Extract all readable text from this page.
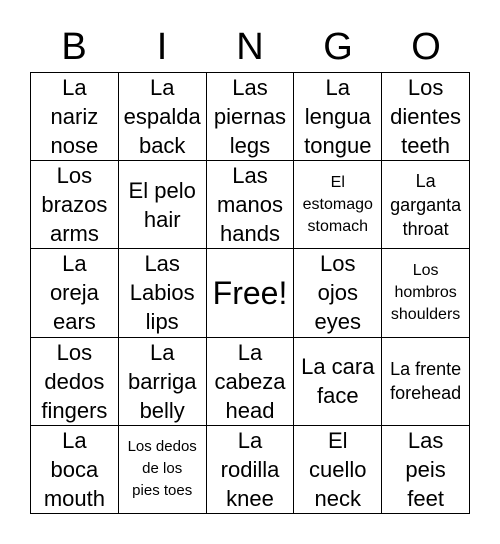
B	I	N	G	O
La
nariz
nose
La
espalda
back
Las
piernas
legs
La
lengua
tongue
Los
dientes
teeth
Los
brazos
arms
El pelo
hair
Las
manos
hands
El
estomago
stomach
La
garganta
throat
La
oreja
ears
Las
Labios
lips
Free!
Los
ojos
eyes
Los
hombros
shoulders
Los
dedos
fingers
La
barriga
belly
La
cabeza
head
La cara
face
La frente
forehead
La
boca
mouth
Los dedos
de los
pies toes
La
rodilla
knee
El
cuello
neck
Las
peis
feet
